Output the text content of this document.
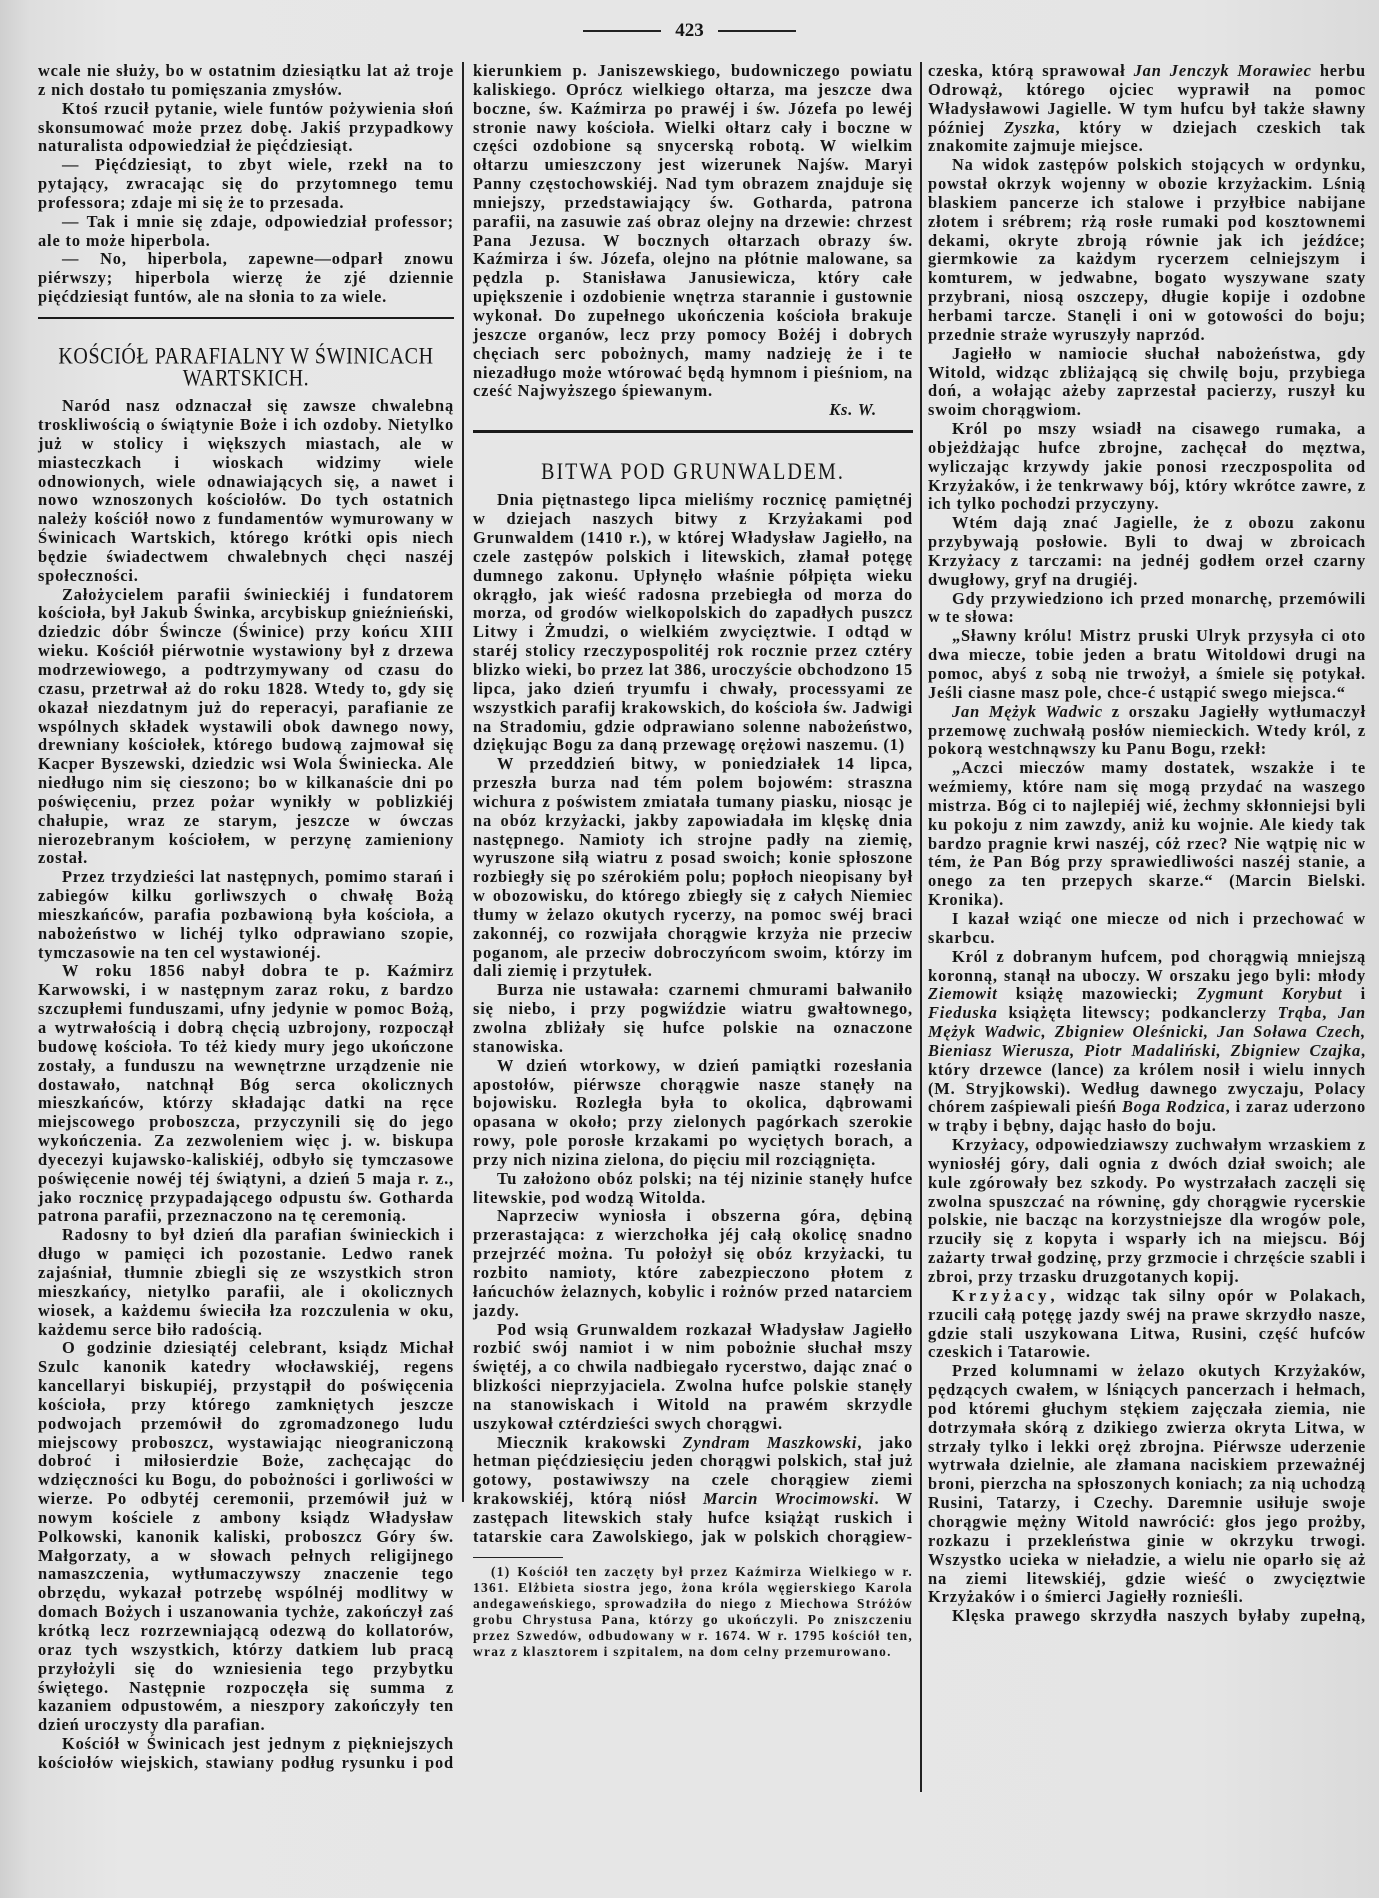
423

wcale nie służy, bo w ostatnim dziesiątku lat aż troje z nich dostało tu pomięszania zmysłów.

Ktoś rzucił pytanie, wiele funtów pożywienia słoń skonsumować może przez dobę. Jakiś przypadkowy naturalista odpowiedział że pięćdziesiąt.

— Pięćdziesiąt, to zbyt wiele, rzekł na to pytający, zwracając się do przytomnego temu professora; zdaje mi się że to przesada.

— Tak i mnie się zdaje, odpowiedział professor; ale to może hiperbola.

— No, hiperbola, zapewne—odparł znowu piérwszy; hiperbola wierzę że zjé dziennie pięćdziesiąt funtów, ale na słonia to za wiele.

KOŚCIÓŁ PARAFIALNY W ŚWINICACH WARTSKICH.

Naród nasz odznaczał się zawsze chwalebną troskliwością o świątynie Boże i ich ozdoby. Nietylko już w stolicy i większych miastach, ale w miasteczkach i wioskach widzimy wiele odnowionych, wiele odnawiających się, a nawet i nowo wznoszonych kościołów. Do tych ostatnich należy kościół nowo z fundamentów wymurowany w Świnicach Wartskich, którego krótki opis niech będzie świadectwem chwalebnych chęci naszéj społeczności.

Założycielem parafii świnieckiéj i fundatorem kościoła, był Jakub Świnka, arcybiskup gnieźnieński, dziedzic dóbr Świncze (Świnice) przy końcu XIII wieku. Kościół piérwotnie wystawiony był z drzewa modrzewiowego, a podtrzymywany od czasu do czasu, przetrwał aż do roku 1828. Wtedy to, gdy się okazał niezdatnym już do reperacyi, parafianie ze wspólnych składek wystawili obok dawnego nowy, drewniany kościołek, którego budową zajmował się Kacper Byszewski, dziedzic wsi Wola Świniecka. Ale niedługo nim się cieszono; bo w kilkanaście dni po poświęceniu, przez pożar wynikły w poblizkiéj chałupie, wraz ze starym, jeszcze w ówczas nierozebranym kościołem, w perzynę zamieniony został.

Przez trzydzieści lat następnych, pomimo starań i zabiegów kilku gorliwszych o chwałę Bożą mieszkańców, parafia pozbawioną była kościoła, a nabożeństwo w lichéj tylko odprawiano szopie, tymczasowie na ten cel wystawionéj.

W roku 1856 nabył dobra te p. Kaźmirz Karwowski, i w następnym zaraz roku, z bardzo szczupłemi funduszami, ufny jedynie w pomoc Bożą, a wytrwałością i dobrą chęcią uzbrojony, rozpoczął budowę kościoła. To téż kiedy mury jego ukończone zostały, a funduszu na wewnętrzne urządzenie nie dostawało, natchnął Bóg serca okolicznych mieszkańców, którzy składając datki na ręce miejscowego proboszcza, przyczynili się do jego wykończenia. Za zezwoleniem więc j. w. biskupa dyecezyi kujawsko-kaliskiéj, odbyło się tymczasowe poświęcenie nowéj téj świątyni, a dzień 5 maja r. z., jako rocznicę przypadającego odpustu św. Gotharda patrona parafii, przeznaczono na tę ceremonią.

Radosny to był dzień dla parafian świnieckich i długo w pamięci ich pozostanie. Ledwo ranek zajaśniał, tłumnie zbiegli się ze wszystkich stron mieszkańcy, nietylko parafii, ale i okolicznych wiosek, a każdemu świeciła łza rozczulenia w oku, każdemu serce biło radością.

O godzinie dziesiątéj celebrant, ksiądz Michał Szulc kanonik katedry włocławskiéj, regens kancellaryi biskupiéj, przystąpił do poświęcenia kościoła, przy którego zamkniętych jeszcze podwojach przemówił do zgromadzonego ludu miejscowy proboszcz, wystawiając nieograniczoną dobroć i miłosierdzie Boże, zachęcając do wdzięczności ku Bogu, do pobożności i gorliwości w wierze. Po odbytéj ceremonii, przemówił już w nowym kościele z ambony ksiądz Władysław Polkowski, kanonik kaliski, proboszcz Góry św. Małgorzaty, a w słowach pełnych religijnego namaszczenia, wytłumaczywszy znaczenie tego obrzędu, wykazał potrzebę wspólnéj modlitwy w domach Bożych i uszanowania tychże, zakończył zaś krótką lecz rozrzewniającą odezwą do kollatorów, oraz tych wszystkich, którzy datkiem lub pracą przyłożyli się do wzniesienia tego przybytku świętego. Następnie rozpoczęła się summa z kazaniem odpustowém, a nieszpory zakończyły ten dzień uroczysty dla parafian.

Kościół w Świnicach jest jednym z piękniejszych kościołów wiejskich, stawiany podług rysunku i pod

kierunkiem p. Janiszewskiego, budowniczego powiatu kaliskiego. Oprócz wielkiego ołtarza, ma jeszcze dwa boczne, św. Kaźmirza po prawéj i św. Józefa po lewéj stronie nawy kościoła. Wielki ołtarz cały i boczne w części ozdobione są snycerską robotą. W wielkim ołtarzu umieszczony jest wizerunek Najśw. Maryi Panny częstochowskiéj. Nad tym obrazem znajduje się mniejszy, przedstawiający św. Gotharda, patrona parafii, na zasuwie zaś obraz olejny na drzewie: chrzest Pana Jezusa. W bocznych ołtarzach obrazy św. Kaźmirza i św. Józefa, olejno na płótnie malowane, sa pędzla p. Stanisława Janusiewicza, który całe upiększenie i ozdobienie wnętrza starannie i gustownie wykonał. Do zupełnego ukończenia kościoła brakuje jeszcze organów, lecz przy pomocy Bożéj i dobrych chęciach serc pobożnych, mamy nadzieję że i te niezadługo może wtórować będą hymnom i pieśniom, na cześć Najwyższego śpiewanym.

Ks. W.
BITWA POD GRUNWALDEM.

Dnia piętnastego lipca mieliśmy rocznicę pamiętnéj w dziejach naszych bitwy z Krzyżakami pod Grunwaldem (1410 r.), w której Władysław Jagiełło, na czele zastępów polskich i litewskich, złamał potęgę dumnego zakonu. Upłynęło właśnie półpięta wieku okrągło, jak wieść radosna przebiegła od morza do morza, od grodów wielkopolskich do zapadłych puszcz Litwy i Żmudzi, o wielkiém zwycięztwie. I odtąd w staréj stolicy rzeczypospolitéj rok rocznie przez cztéry blizko wieki, bo przez lat 386, uroczyście obchodzono 15 lipca, jako dzień tryumfu i chwały, processyami ze wszystkich parafij krakowskich, do kościoła św. Jadwigi na Stradomiu, gdzie odprawiano solenne nabożeństwo, dziękując Bogu za daną przewagę orężowi naszemu. (1)

W przeddzień bitwy, w poniedziałek 14 lipca, przeszła burza nad tém polem bojowém: straszna wichura z poświstem zmiatała tumany piasku, niosąc je na obóz krzyżacki, jakby zapowiadała im klęskę dnia następnego. Namioty ich strojne padły na ziemię, wyruszone siłą wiatru z posad swoich; konie spłoszone rozbiegły się po szérokiém polu; popłoch nieopisany był w obozowisku, do którego zbiegły się z całych Niemiec tłumy w żelazo okutych rycerzy, na pomoc swéj braci zakonnéj, co rozwijała chorągwie krzyża nie przeciw poganom, ale przeciw dobroczyńcom swoim, którzy im dali ziemię i przytułek.

Burza nie ustawała: czarnemi chmurami bałwaniło się niebo, i przy pogwiździe wiatru gwałtownego, zwolna zbliżały się hufce polskie na oznaczone stanowiska.

W dzień wtorkowy, w dzień pamiątki rozesłania apostołów, piérwsze chorągwie nasze stanęły na bojowisku. Rozległa była to okolica, dąbrowami opasana w około; przy zielonych pagórkach szerokie rowy, pole porosłe krzakami po wyciętych borach, a przy nich nizina zielona, do pięciu mil rozciągnięta.

Tu założono obóz polski; na téj nizinie stanęły hufce litewskie, pod wodzą Witolda.

Naprzeciw wyniosła i obszerna góra, dębiną przerastająca: z wierzchołka jéj całą okolicę snadno przejrzéć można. Tu położył się obóz krzyżacki, tu rozbito namioty, które zabezpieczono płotem z łańcuchów żelaznych, kobylic i rożnów przed natarciem jazdy.

Pod wsią Grunwaldem rozkazał Władysław Jagiełło rozbić swój namiot i w nim pobożnie słuchał mszy świętéj, a co chwila nadbiegało rycerstwo, dając znać o blizkości nieprzyjaciela. Zwolna hufce polskie stanęły na stanowiskach i Witold na prawém skrzydle uszykował cztérdzieści swych chorągwi.

Miecznik krakowski Zyndram Maszkowski, jako hetman pięćdziesięciu jeden chorągwi polskich, stał już gotowy, postawiwszy na czele chorągiew ziemi krakowskiéj, którą niósł Marcin Wrocimowski. W zastępach litewskich stały hufce książąt ruskich i tatarskie cara Zawolskiego, jak w polskich chorągiew-

(1) Kościół ten zaczęty był przez Kaźmirza Wielkiego w r. 1361. Elżbieta siostra jego, żona króla węgierskiego Karola andegaweńskiego, sprowadziła do niego z Miechowa Stróżów grobu Chrystusa Pana, którzy go ukończyli. Po zniszczeniu przez Szwedów, odbudowany w r. 1674. W r. 1795 kościół ten, wraz z klasztorem i szpitalem, na dom celny przemurowano.

czeska, którą sprawował Jan Jenczyk Morawiec herbu Odrowąż, którego ojciec wyprawił na pomoc Władysławowi Jagielle. W tym hufcu był także sławny później Zyszka, który w dziejach czeskich tak znakomite zajmuje miejsce.

Na widok zastępów polskich stojących w ordynku, powstał okrzyk wojenny w obozie krzyżackim. Lśnią blaskiem pancerze ich stalowe i przyłbice nabijane złotem i srébrem; rżą rosłe rumaki pod kosztownemi dekami, okryte zbroją równie jak ich jeźdźce; giermkowie za każdym rycerzem celniejszym i komturem, w jedwabne, bogato wyszywane szaty przybrani, niosą oszczepy, długie kopije i ozdobne herbami tarcze. Stanęli i oni w gotowości do boju; przednie straże wyruszyły naprzód.

Jagiełło w namiocie słuchał nabożeństwa, gdy Witold, widząc zbliżającą się chwilę boju, przybiega doń, a wołając ażeby zaprzestał pacierzy, ruszył ku swoim chorągwiom.

Król po mszy wsiadł na cisawego rumaka, a objeżdżając hufce zbrojne, zachęcał do męztwa, wyliczając krzywdy jakie ponosi rzeczpospolita od Krzyżaków, i że tenkrwawy bój, który wkrótce zawre, z ich tylko pochodzi przyczyny.

Wtém dają znać Jagielle, że z obozu zakonu przybywają posłowie. Byli to dwaj w zbroicach Krzyżacy z tarczami: na jednéj godłem orzeł czarny dwugłowy, gryf na drugiéj.

Gdy przywiedziono ich przed monarchę, przemówili w te słowa:

„Sławny królu! Mistrz pruski Ulryk przysyła ci oto dwa miecze, tobie jeden a bratu Witoldowi drugi na pomoc, abyś z sobą nie trwożył, a śmiele się potykał. Jeśli ciasne masz pole, chce-ć ustąpić swego miejsca.“

Jan Mężyk Wadwic z orszaku Jagiełły wytłumaczył przemowę zuchwałą posłów niemieckich. Wtedy król, z pokorą westchnąwszy ku Panu Bogu, rzekł:

„Aczci mieczów mamy dostatek, wszakże i te weźmiemy, które nam się mogą przydać na waszego mistrza. Bóg ci to najlepiéj wié, żechmy skłonniejsi byli ku pokoju z nim zawzdy, aniż ku wojnie. Ale kiedy tak bardzo pragnie krwi naszéj, cóż rzec? Nie wątpię nic w tém, że Pan Bóg przy sprawiedliwości naszéj stanie, a onego za ten przepych skarze.“ (Marcin Bielski. Kronika).

I kazał wziąć one miecze od nich i przechować w skarbcu.

Król z dobranym hufcem, pod chorągwią mniejszą koronną, stanął na uboczy. W orszaku jego byli: młody Ziemowit książę mazowiecki; Zygmunt Korybut i Fieduska książęta litewscy; podkanclerzy Trąba, Jan Mężyk Wadwic, Zbigniew Oleśnicki, Jan Soława Czech, Bieniasz Wierusza, Piotr Madaliński, Zbigniew Czajka, który drzewce (lance) za królem nosił i wielu innych (M. Stryjkowski). Według dawnego zwyczaju, Polacy chórem zaśpiewali pieśń Boga Rodzica, i zaraz uderzono w trąby i bębny, dając hasło do boju.

Krzyżacy, odpowiedziawszy zuchwałym wrzaskiem z wyniosłéj góry, dali ognia z dwóch dział swoich; ale kule zgórowały bez szkody. Po wystrzałach zaczęli się zwolna spuszczać na równinę, gdy chorągwie rycerskie polskie, nie bacząc na korzystniejsze dla wrogów pole, rzuciły się z kopyta i wsparły ich na miejscu. Bój zażarty trwał godzinę, przy grzmocie i chrzęście szabli i zbroi, przy trzasku druzgotanych kopij.

Krzyżacy, widząc tak silny opór w Polakach, rzucili całą potęgę jazdy swéj na prawe skrzydło nasze, gdzie stali uszykowana Litwa, Rusini, część hufców czeskich i Tatarowie.

Przed kolumnami w żelazo okutych Krzyżaków, pędzących cwałem, w lśniących pancerzach i hełmach, pod któremi głuchym stękiem zajęczała ziemia, nie dotrzymała skórą z dzikiego zwierza okryta Litwa, w strzały tylko i lekki oręż zbrojna. Piérwsze uderzenie wytrwała dzielnie, ale złamana naciskiem przeważnéj broni, pierzcha na spłoszonych koniach; za nią uchodzą Rusini, Tatarzy, i Czechy. Daremnie usiłuje swoje chorągwie mężny Witold nawrócić: głos jego prożby, rozkazu i przekleństwa ginie w okrzyku trwogi. Wszystko ucieka w nieładzie, a wielu nie oparło się aż na ziemi litewskiéj, gdzie wieść o zwycięztwie Krzyżaków i o śmierci Jagiełły roznieśli.

Klęska prawego skrzydła naszych byłaby zupełną,
